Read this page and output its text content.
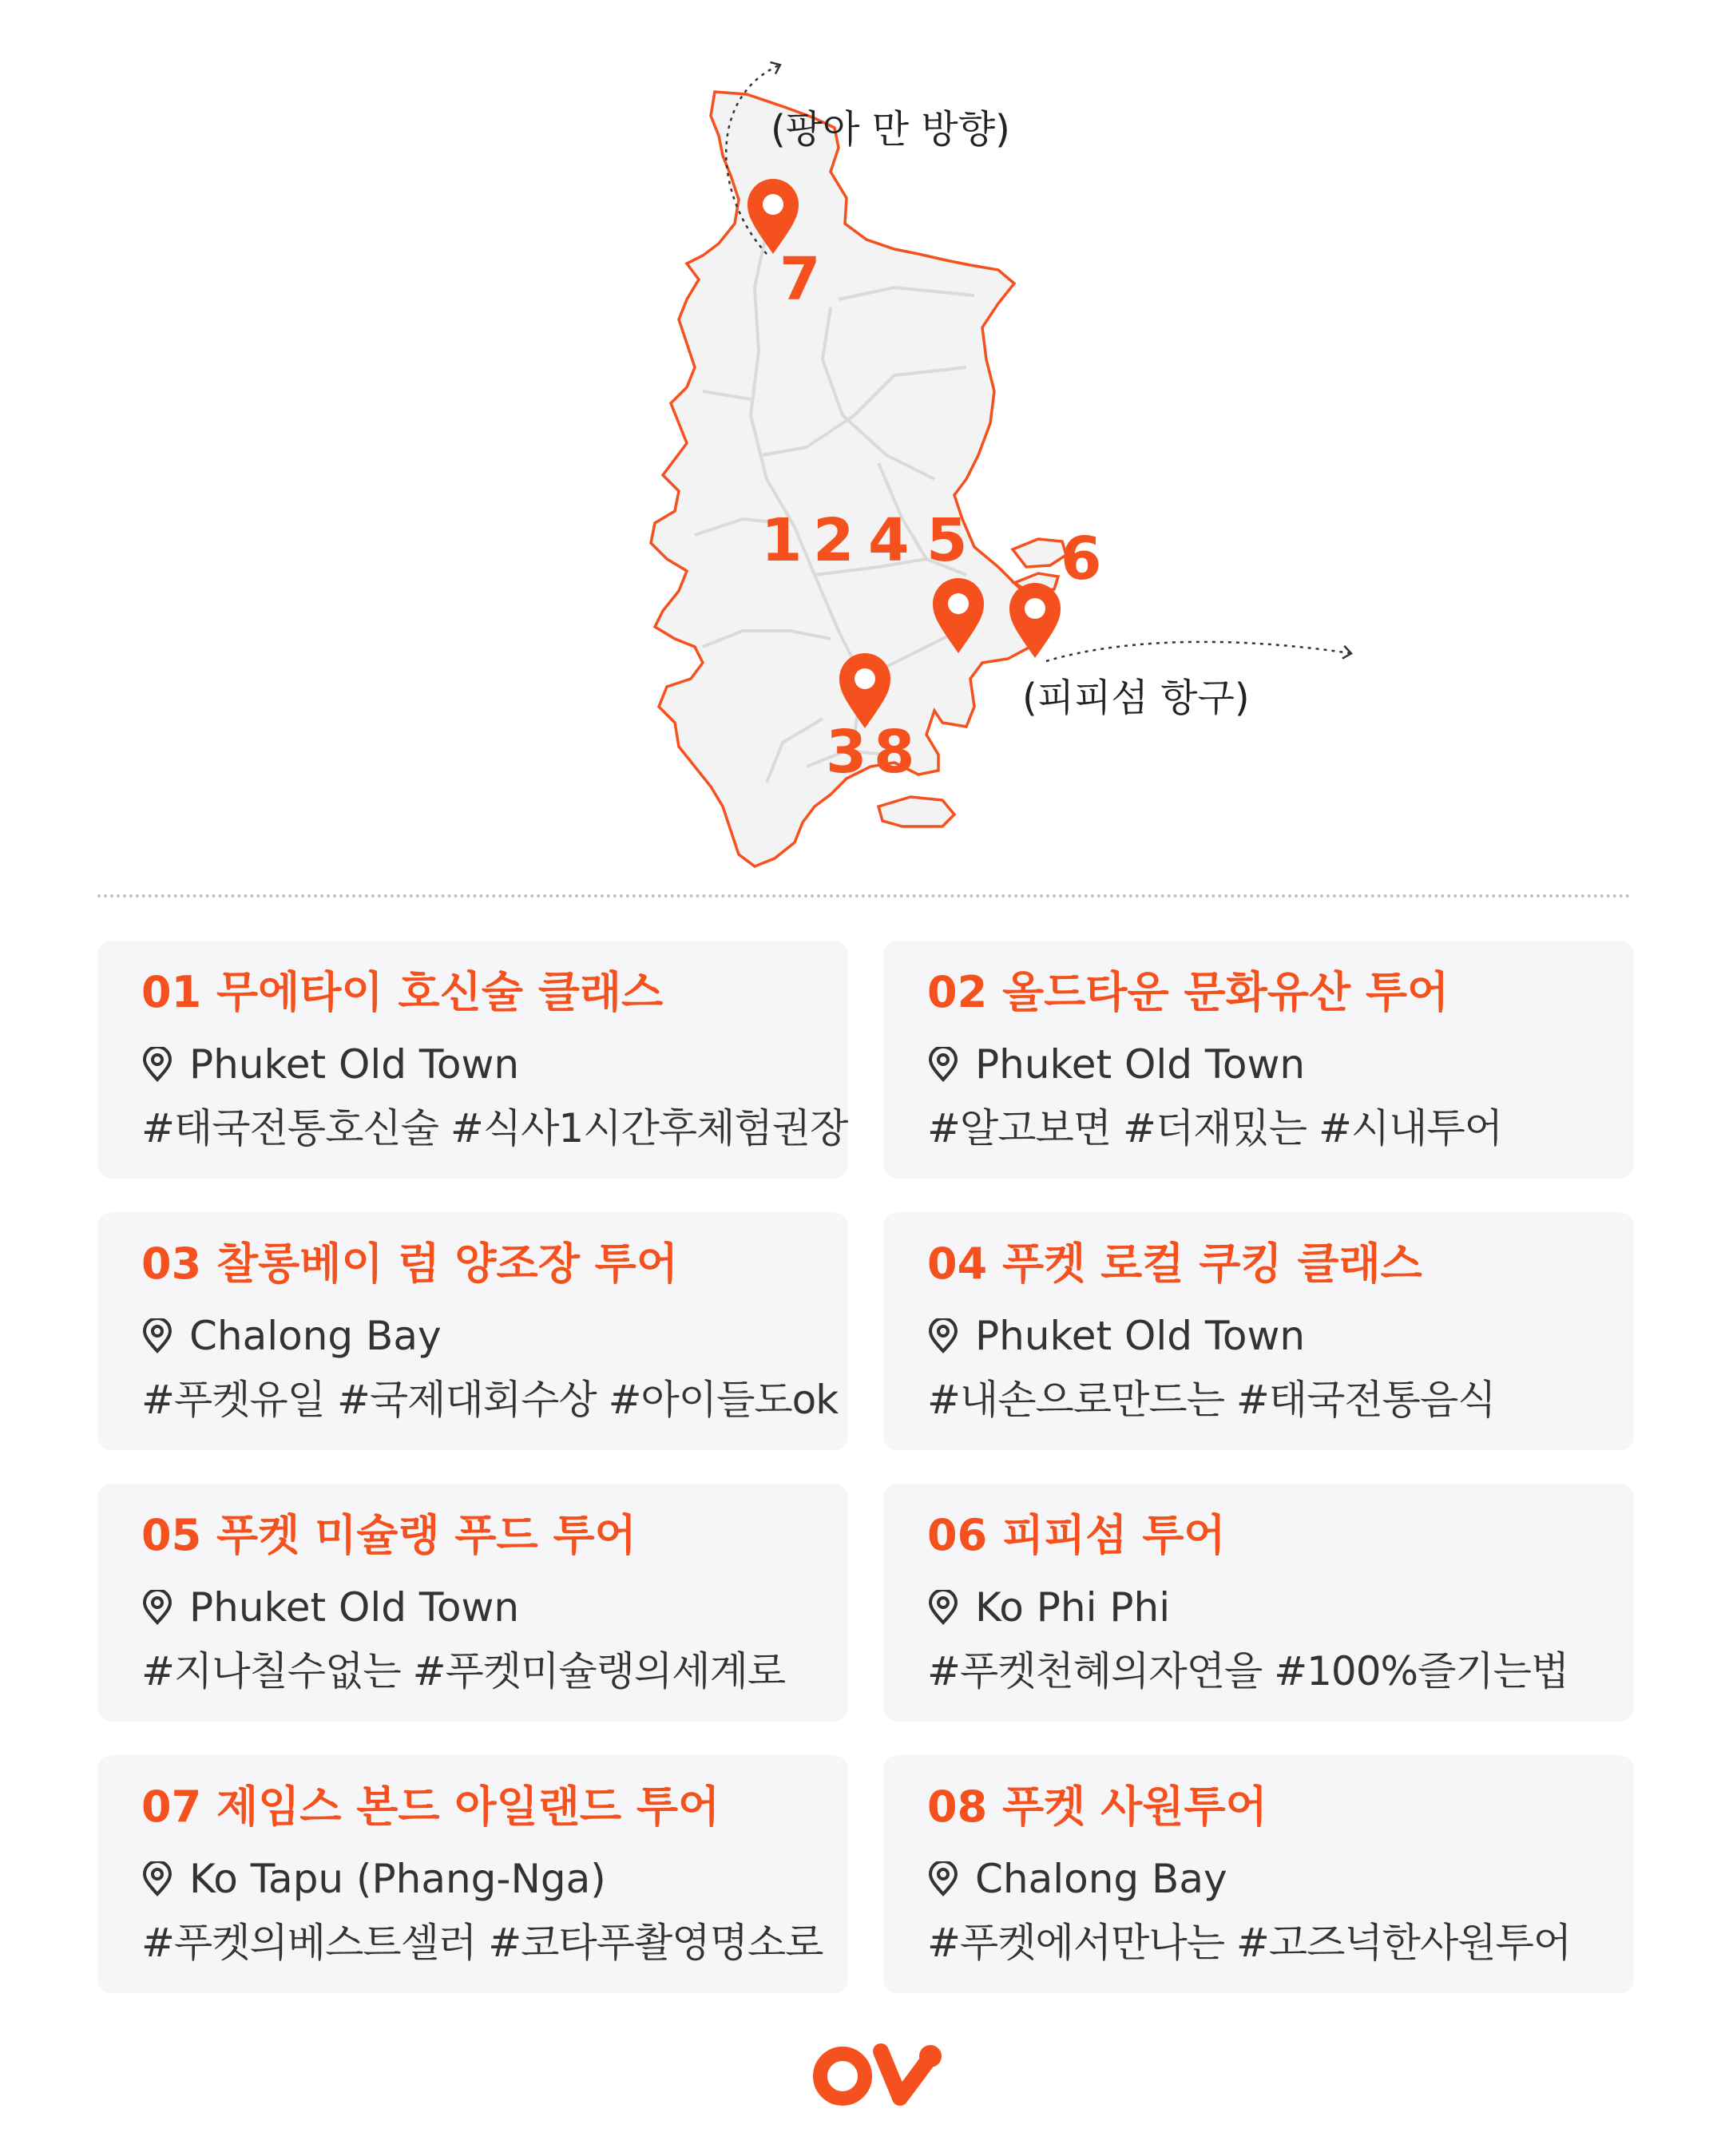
(팡아 만 방향)
(피피섬 항구)
7
1 2 4 5 6
3 8
01 무에타이 호신술 클래스
Phuket Old Town
#태국전통호신술 #식사1시간후체험권장
02 올드타운 문화유산 투어
Phuket Old Town
#알고보면 #더재밌는 #시내투어
03 찰롱베이 럼 양조장 투어
Chalong Bay
#푸켓유일 #국제대회수상 #아이들도ok
04 푸켓 로컬 쿠킹 클래스
Phuket Old Town
#내손으로만드는 #태국전통음식
05 푸켓 미슐랭 푸드 투어
Phuket Old Town
#지나칠수없는 #푸켓미슐랭의세계로
06 피피섬 투어
Ko Phi Phi
#푸켓천혜의자연을 #100%즐기는법
07 제임스 본드 아일랜드 투어
Ko Tapu (Phang-Nga)
#푸켓의베스트셀러 #코타푸촬영명소로
08 푸켓 사원투어
Chalong Bay
#푸켓에서만나는 #고즈넉한사원투어
